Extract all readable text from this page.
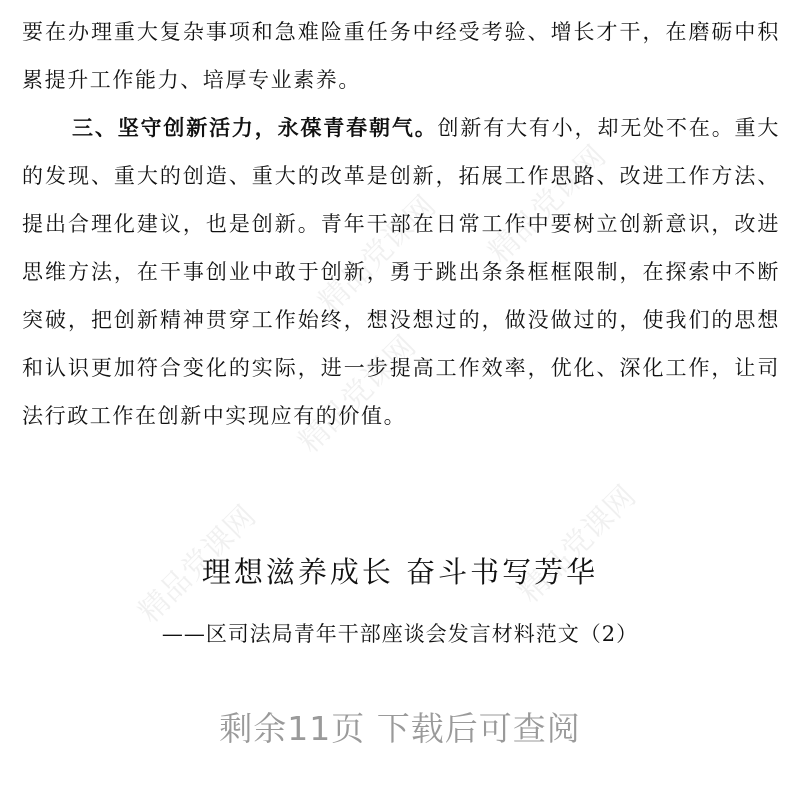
精品党课网
精品党课网
精品党课网
精品党课网
精品党课网

要在办理重大复杂事项和急难险重任务中经受考验、增长才干，在磨砺中积累提升工作能力、培厚专业素养。

三、坚守创新活力，永葆青春朝气。创新有大有小，却无处不在。重大的发现、重大的创造、重大的改革是创新，拓展工作思路、改进工作方法、提出合理化建议，也是创新。青年干部在日常工作中要树立创新意识，改进思维方法，在干事创业中敢于创新，勇于跳出条条框框限制，在探索中不断突破，把创新精神贯穿工作始终，想没想过的，做没做过的，使我们的思想和认识更加符合变化的实际，进一步提高工作效率，优化、深化工作，让司法行政工作在创新中实现应有的价值。

理想滋养成长 奋斗书写芳华

——区司法局青年干部座谈会发言材料范文（2）

剩余11页 下载后可查阅
